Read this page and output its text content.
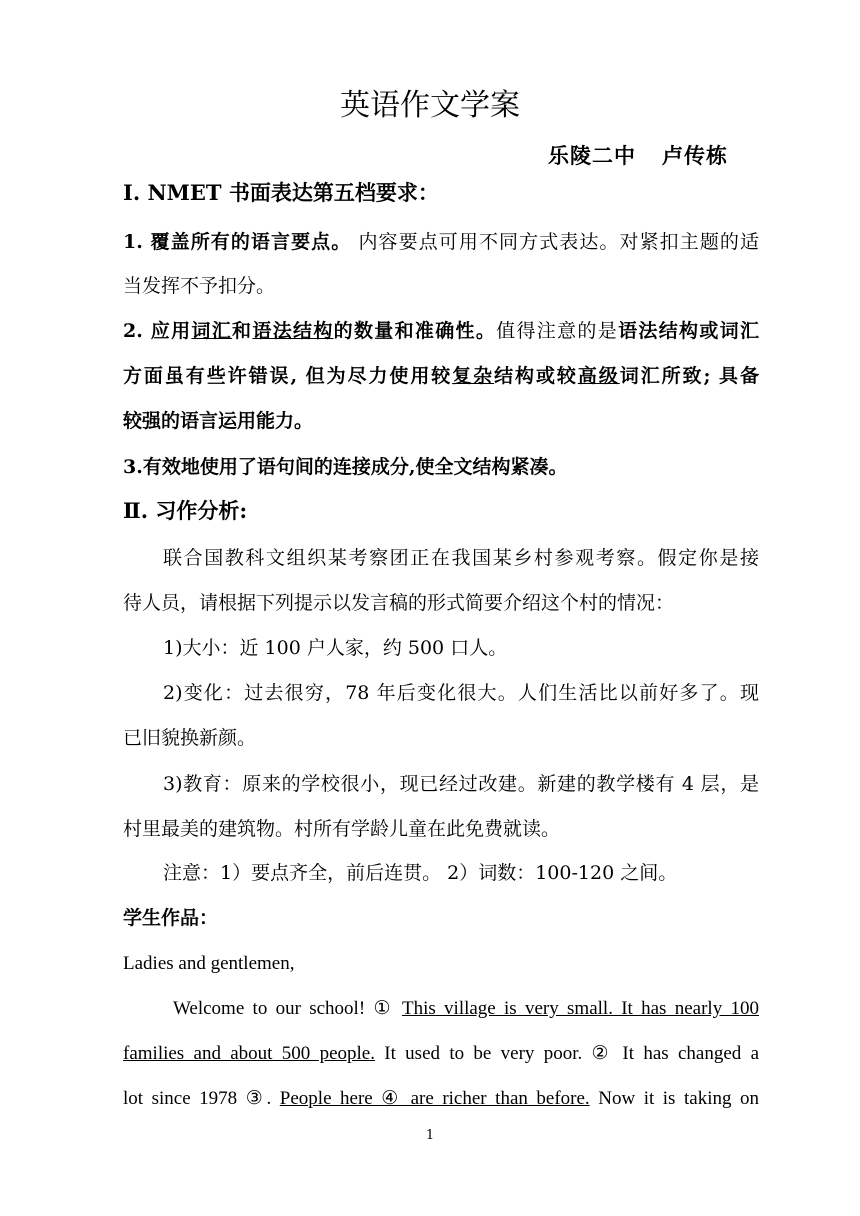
英语作文学案
乐陵二中 卢传栋
Ⅰ. NMET 书面表达第五档要求：
1. 覆盖所有的语言要点。 内容要点可用不同方式表达。对紧扣主题的适
当发挥不予扣分。
2. 应用词汇和语法结构的数量和准确性。值得注意的是语法结构或词汇
方面虽有些许错误, 但为尽力使用较复杂结构或较高级词汇所致; 具备
较强的语言运用能力。
3.有效地使用了语句间的连接成分,使全文结构紧凑。
Ⅱ. 习作分析:
联合国教科文组织某考察团正在我国某乡村参观考察。假定你是接
待人员，请根据下列提示以发言稿的形式简要介绍这个村的情况：
1)大小：近 100 户人家，约 500 口人。
2)变化：过去很穷，78 年后变化很大。人们生活比以前好多了。现
已旧貌换新颜。
3)教育：原来的学校很小，现已经过改建。新建的教学楼有 4 层，是
村里最美的建筑物。村所有学龄儿童在此免费就读。
注意：1）要点齐全，前后连贯。 2）词数：100-120 之间。
学生作品：
Ladies and gentlemen,
Welcome to our school! ① This village is very small. It has nearly 100
families and about 500 people. It used to be very poor. ② It has changed a
lot since 1978 ③. People here ④ are richer than before. Now it is taking on
1
